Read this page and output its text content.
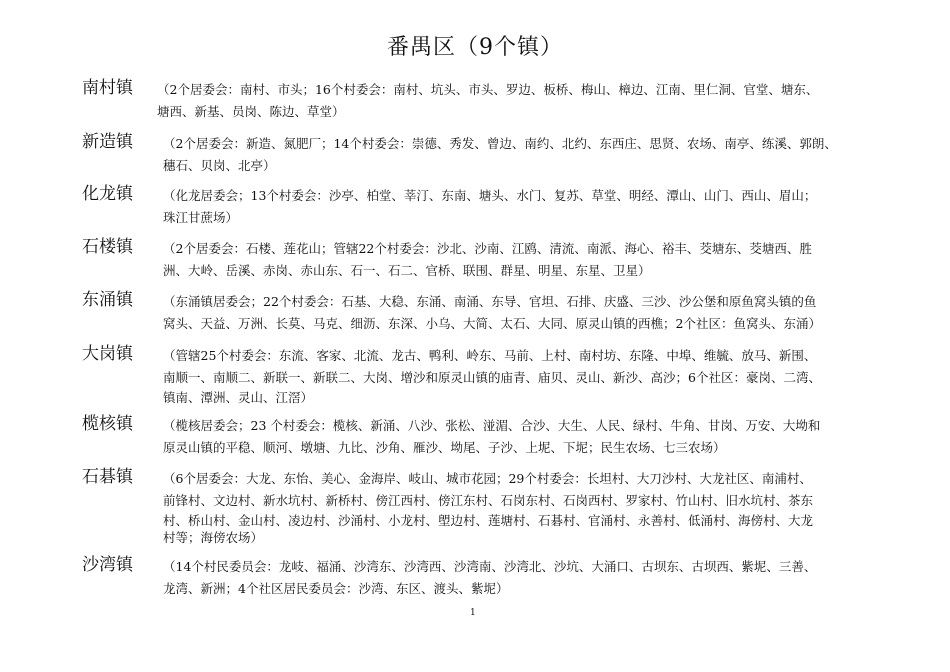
番禺区（9个镇）
南村镇 （2个居委会：南村、市头；16个村委会：南村、坑头、市头、罗边、板桥、梅山、樟边、江南、里仁洞、官堂、塘东、
塘西、新基、员岗、陈边、草堂）
新造镇 （2个居委会：新造、氮肥厂；14个村委会：崇德、秀发、曾边、南约、北约、东西庄、思贤、农场、南亭、练溪、郭朗、
穗石、贝岗、北亭）
化龙镇 （化龙居委会；13个村委会：沙亭、柏堂、莘汀、东南、塘头、水门、复苏、草堂、明经、潭山、山门、西山、眉山；
珠江甘蔗场）
石楼镇 （2个居委会：石楼、莲花山；管辖22个村委会：沙北、沙南、江鸥、清流、南派、海心、裕丰、茭塘东、茭塘西、胜
洲、大岭、岳溪、赤岗、赤山东、石一、石二、官桥、联围、群星、明星、东星、卫星）
东涌镇 （东涌镇居委会；22个村委会：石基、大稳、东涌、南涌、东导、官坦、石排、庆盛、三沙、沙公堡和原鱼窝头镇的鱼
窝头、天益、万洲、长莫、马克、细沥、东深、小乌、大简、太石、大同、原灵山镇的西樵；2个社区：鱼窝头、东涌）
大岗镇 （管辖25个村委会：东流、客家、北流、龙古、鸭利、岭东、马前、上村、南村坊、东隆、中埠、维毓、放马、新围、
南顺一、南顺二、新联一、新联二、大岗、增沙和原灵山镇的庙青、庙贝、灵山、新沙、高沙；6个社区：豪岗、二湾、
镇南、潭洲、灵山、江滘）
榄核镇 （榄核居委会；23 个村委会：榄核、新涌、八沙、张松、湴湄、合沙、大生、人民、绿村、牛角、甘岗、万安、大坳和
原灵山镇的平稳、顺河、墩塘、九比、沙角、雁沙、坳尾、子沙、上坭、下坭；民生农场、七三农场）
石碁镇 （6个居委会：大龙、东怡、美心、金海岸、岐山、城市花园；29个村委会：长坦村、大刀沙村、大龙社区、南浦村、
前锋村、文边村、新水坑村、新桥村、傍江西村、傍江东村、石岗东村、石岗西村、罗家村、竹山村、旧水坑村、茶东
村、桥山村、金山村、凌边村、沙涌村、小龙村、塱边村、莲塘村、石碁村、官涌村、永善村、低涌村、海傍村、大龙
村等；海傍农场）
沙湾镇 （14个村民委员会：龙岐、福涌、沙湾东、沙湾西、沙湾南、沙湾北、沙坑、大涌口、古坝东、古坝西、紫坭、三善、
龙湾、新洲；4个社区居民委员会：沙湾、东区、渡头、紫坭）
1
